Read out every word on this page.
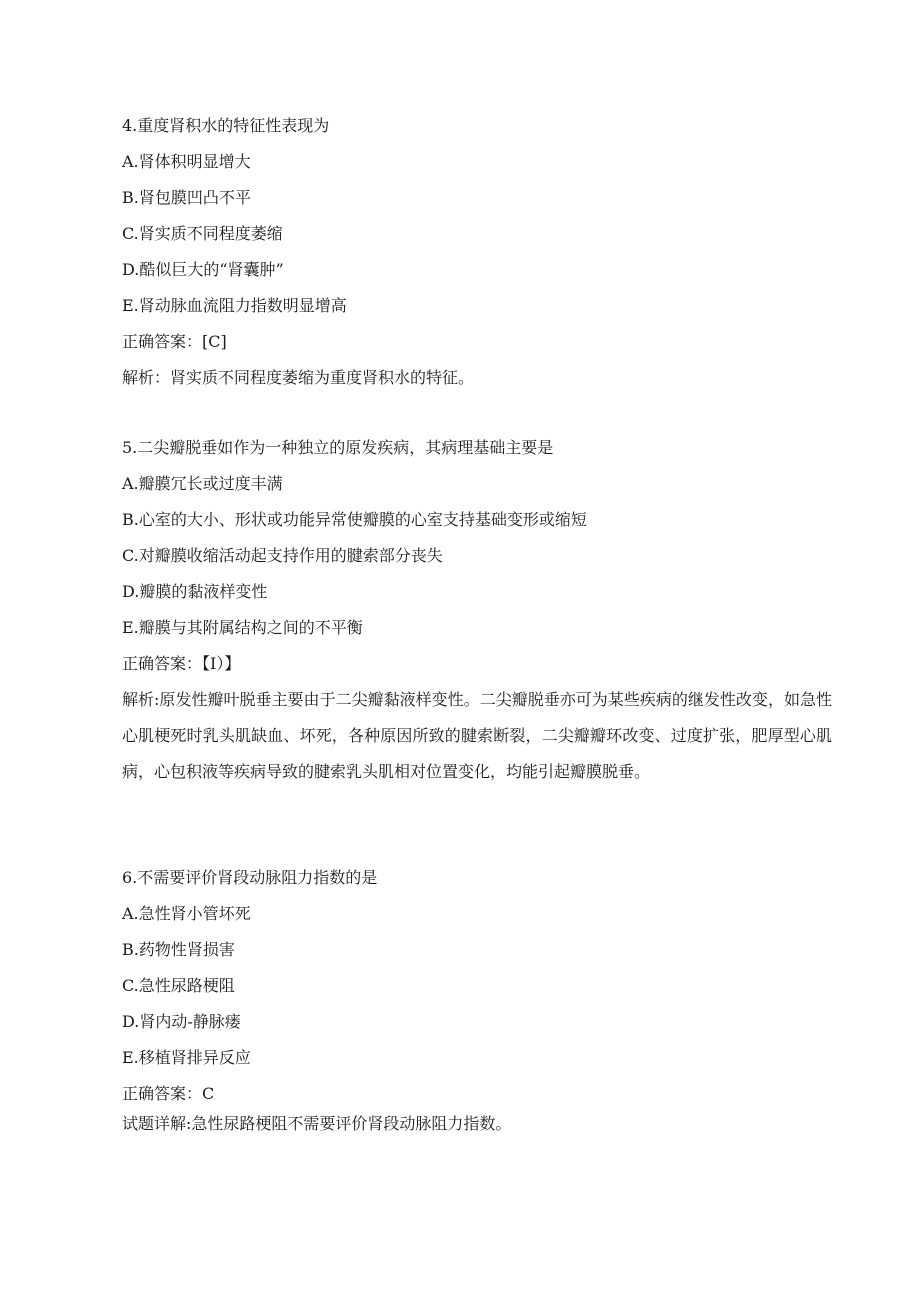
4.重度肾积水的特征性表现为
A.肾体积明显增大
B.肾包膜凹凸不平
C.肾实质不同程度萎缩
D.酷似巨大的“肾囊肿”
E.肾动脉血流阻力指数明显增高
正确答案：[C]
解析：肾实质不同程度萎缩为重度肾积水的特征。
5.二尖瓣脱垂如作为一种独立的原发疾病，其病理基础主要是
A.瓣膜冗长或过度丰满
B.心室的大小、形状或功能异常使瓣膜的心室支持基础变形或缩短
C.对瓣膜收缩活动起支持作用的腱索部分丧失
D.瓣膜的黏液样变性
E.瓣膜与其附属结构之间的不平衡
正确答案：【I）】
解析:原发性瓣叶脱垂主要由于二尖瓣黏液样变性。二尖瓣脱垂亦可为某些疾病的继发性改变，如急性心肌梗死时乳头肌缺血、坏死，各种原因所致的腱索断裂，二尖瓣瓣环改变、过度扩张，肥厚型心肌病，心包积液等疾病导致的腱索乳头肌相对位置变化，均能引起瓣膜脱垂。
6.不需要评价肾段动脉阻力指数的是
A.急性肾小管坏死
B.药物性肾损害
C.急性尿路梗阻
D.肾内动-静脉瘘
E.移植肾排异反应
正确答案：C
试题详解:急性尿路梗阻不需要评价肾段动脉阻力指数。
